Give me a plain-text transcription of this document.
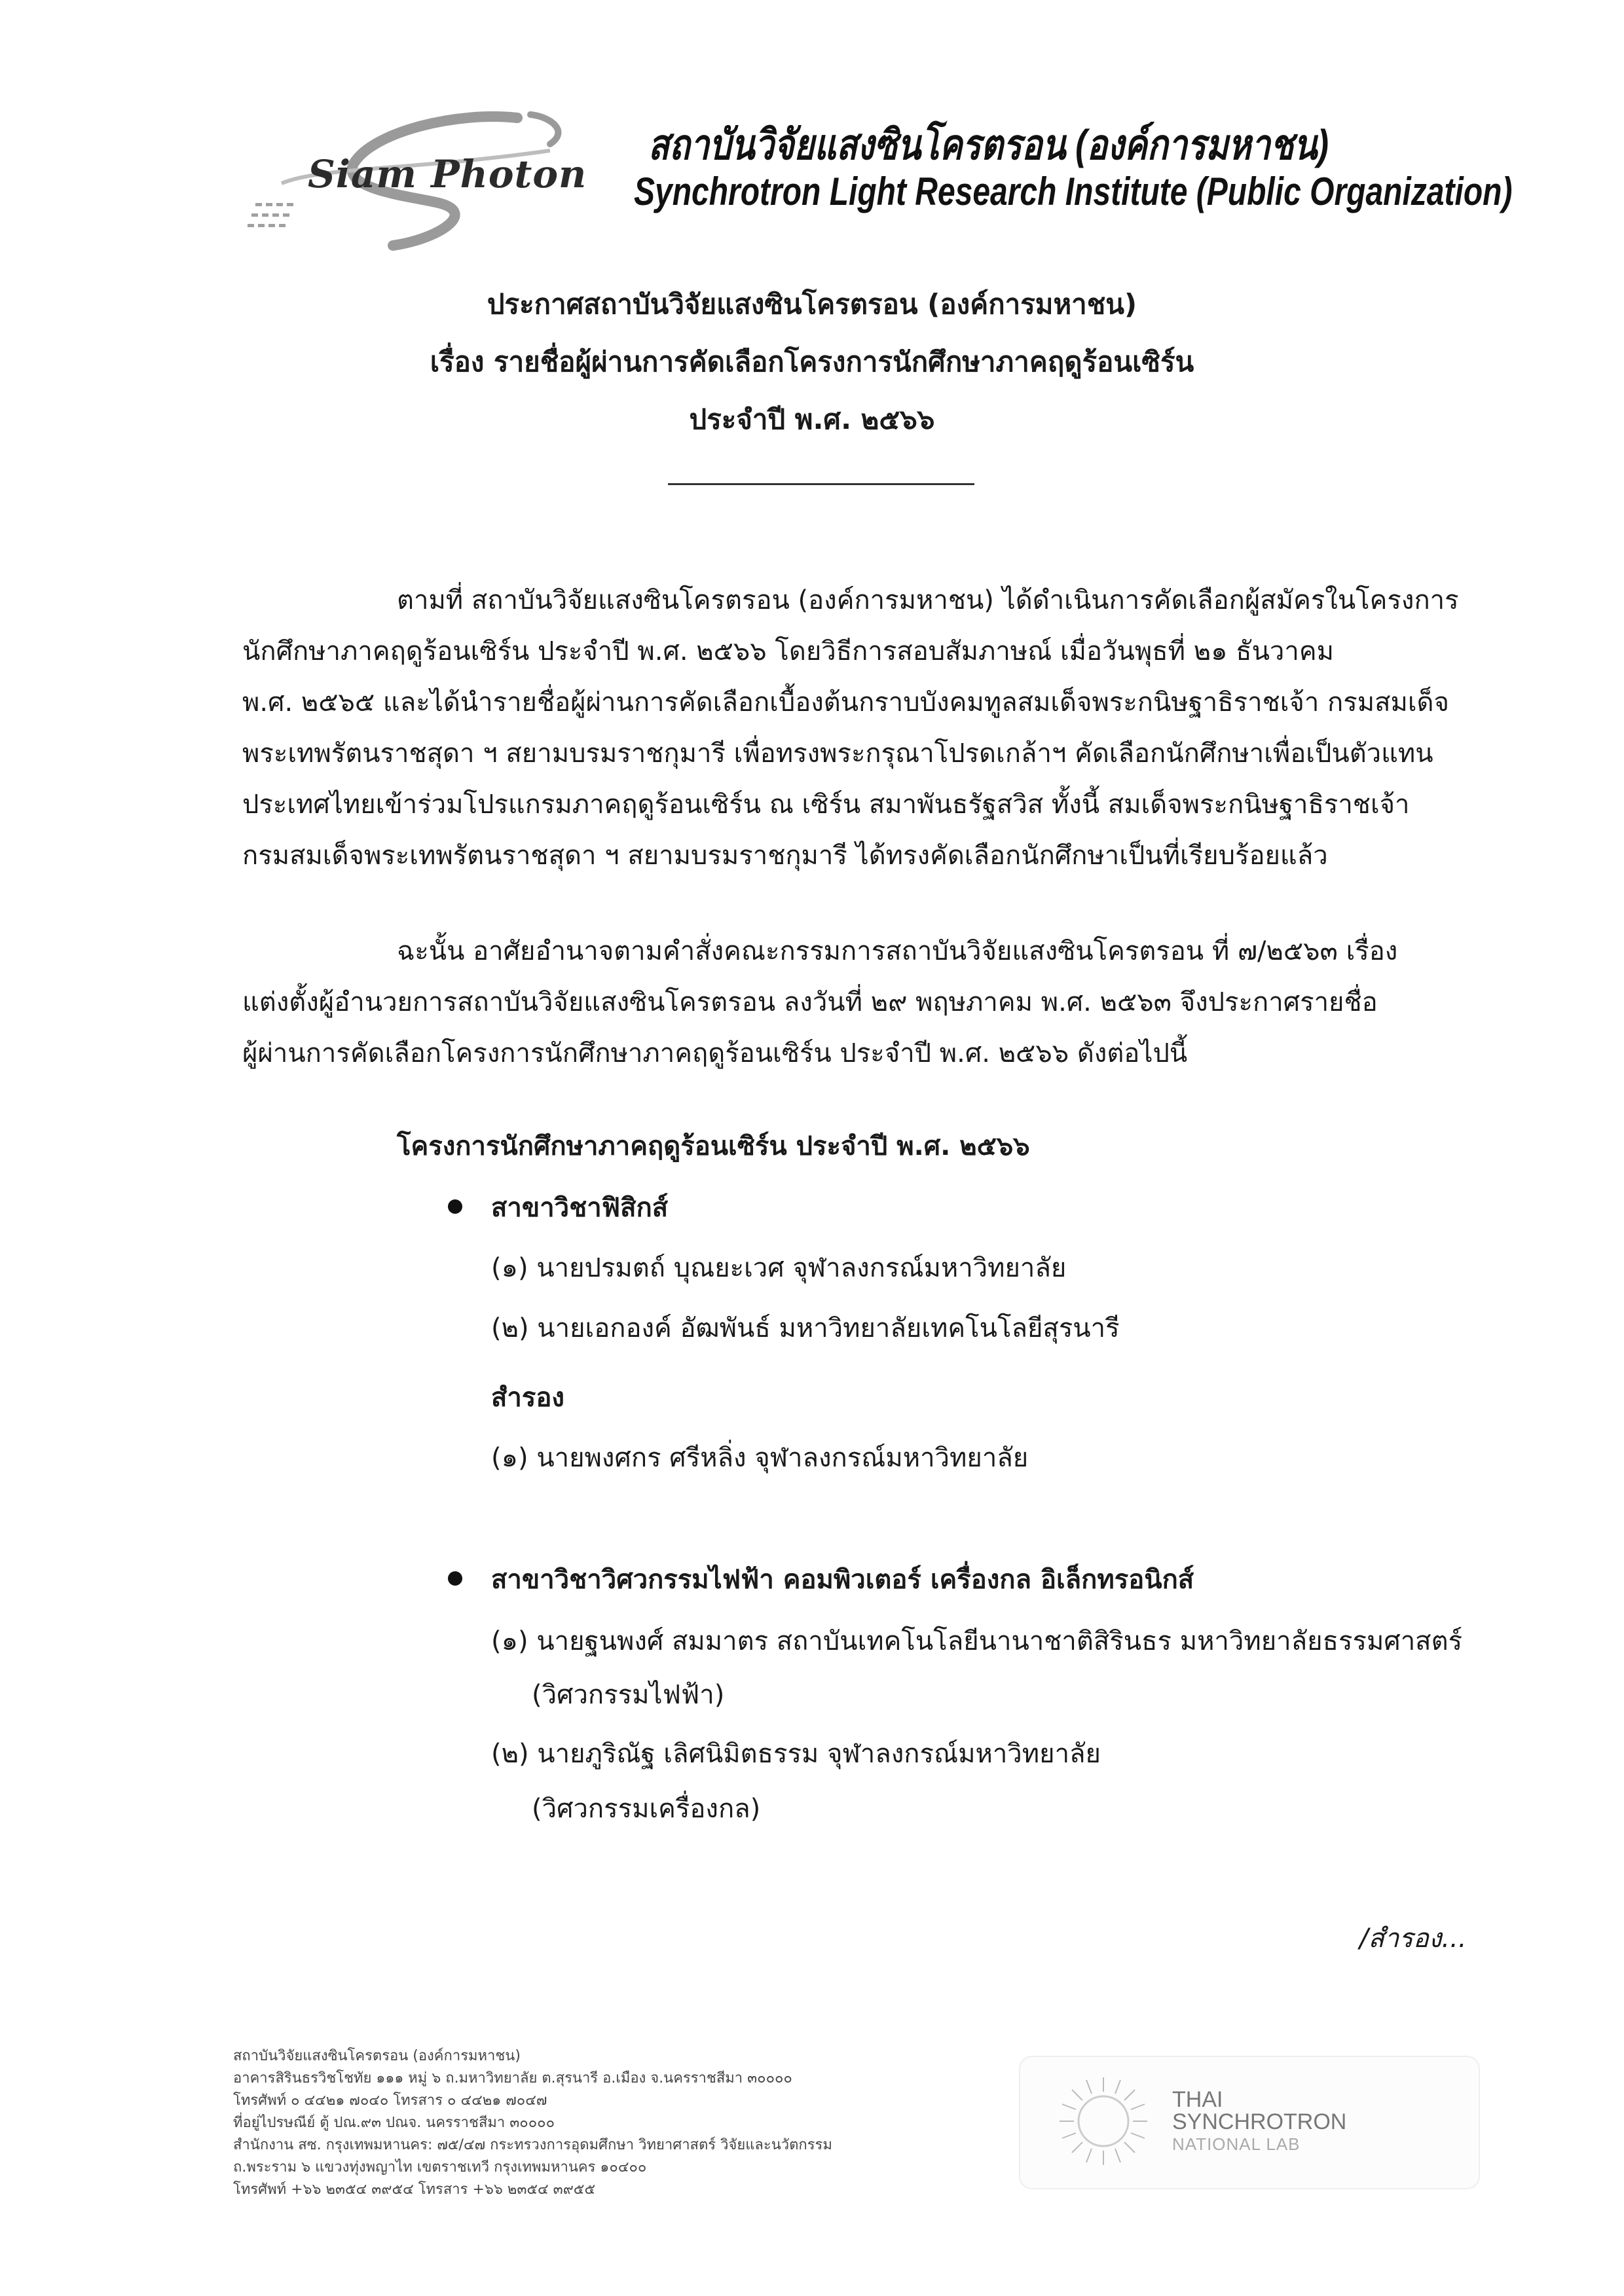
Siam Photon
สถาบันวิจัยแสงซินโครตรอน (องค์การมหาชน)
Synchrotron Light Research Institute (Public Organization)
ประกาศสถาบันวิจัยแสงซินโครตรอน (องค์การมหาชน)
เรื่อง รายชื่อผู้ผ่านการคัดเลือกโครงการนักศึกษาภาคฤดูร้อนเซิร์น
ประจำปี พ.ศ. ๒๕๖๖
ตามที่ สถาบันวิจัยแสงซินโครตรอน (องค์การมหาชน) ได้ดำเนินการคัดเลือกผู้สมัครในโครงการ
นักศึกษาภาคฤดูร้อนเซิร์น ประจำปี พ.ศ. ๒๕๖๖ โดยวิธีการสอบสัมภาษณ์ เมื่อวันพุธที่ ๒๑ ธันวาคม
พ.ศ. ๒๕๖๕ และได้นำรายชื่อผู้ผ่านการคัดเลือกเบื้องต้นกราบบังคมทูลสมเด็จพระกนิษฐาธิราชเจ้า กรมสมเด็จ
พระเทพรัตนราชสุดา ฯ สยามบรมราชกุมารี เพื่อทรงพระกรุณาโปรดเกล้าฯ คัดเลือกนักศึกษาเพื่อเป็นตัวแทน
ประเทศไทยเข้าร่วมโปรแกรมภาคฤดูร้อนเซิร์น ณ เซิร์น สมาพันธรัฐสวิส ทั้งนี้ สมเด็จพระกนิษฐาธิราชเจ้า
กรมสมเด็จพระเทพรัตนราชสุดา ฯ สยามบรมราชกุมารี ได้ทรงคัดเลือกนักศึกษาเป็นที่เรียบร้อยแล้ว
ฉะนั้น อาศัยอำนาจตามคำสั่งคณะกรรมการสถาบันวิจัยแสงซินโครตรอน ที่ ๗/๒๕๖๓ เรื่อง
แต่งตั้งผู้อำนวยการสถาบันวิจัยแสงซินโครตรอน ลงวันที่ ๒๙ พฤษภาคม พ.ศ. ๒๕๖๓ จึงประกาศรายชื่อ
ผู้ผ่านการคัดเลือกโครงการนักศึกษาภาคฤดูร้อนเซิร์น ประจำปี พ.ศ. ๒๕๖๖ ดังต่อไปนี้
โครงการนักศึกษาภาคฤดูร้อนเซิร์น ประจำปี พ.ศ. ๒๕๖๖
สาขาวิชาฟิสิกส์
(๑) นายปรมตถ์ บุณยะเวศ จุฬาลงกรณ์มหาวิทยาลัย
(๒) นายเอกองค์ อัฒพันธ์ มหาวิทยาลัยเทคโนโลยีสุรนารี
สำรอง
(๑) นายพงศกร ศรีหลิ่ง จุฬาลงกรณ์มหาวิทยาลัย
สาขาวิชาวิศวกรรมไฟฟ้า คอมพิวเตอร์ เครื่องกล อิเล็กทรอนิกส์
(๑) นายฐนพงศ์ สมมาตร สถาบันเทคโนโลยีนานาชาติสิรินธร มหาวิทยาลัยธรรมศาสตร์
(วิศวกรรมไฟฟ้า)
(๒) นายภูริณัฐ เลิศนิมิตธรรม จุฬาลงกรณ์มหาวิทยาลัย
(วิศวกรรมเครื่องกล)
/สำรอง...
สถาบันวิจัยแสงซินโครตรอน (องค์การมหาชน)
อาคารสิรินธรวิชโชทัย ๑๑๑ หมู่ ๖ ถ.มหาวิทยาลัย ต.สุรนารี อ.เมือง จ.นครราชสีมา ๓๐๐๐๐
โทรศัพท์ ๐ ๔๔๒๑ ๗๐๔๐ โทรสาร ๐ ๔๔๒๑ ๗๐๔๗
ที่อยู่ไปรษณีย์ ตู้ ปณ.๙๓ ปณจ. นครราชสีมา ๓๐๐๐๐
สำนักงาน สซ. กรุงเทพมหานคร: ๗๕/๔๗ กระทรวงการอุดมศึกษา วิทยาศาสตร์ วิจัยและนวัตกรรม
ถ.พระราม ๖ แขวงทุ่งพญาไท เขตราชเทวี กรุงเทพมหานคร ๑๐๔๐๐
โทรศัพท์ +๖๖ ๒๓๕๔ ๓๙๕๔ โทรสาร +๖๖ ๒๓๕๔ ๓๙๕๕
THAI
SYNCHROTRON
NATIONAL LAB
